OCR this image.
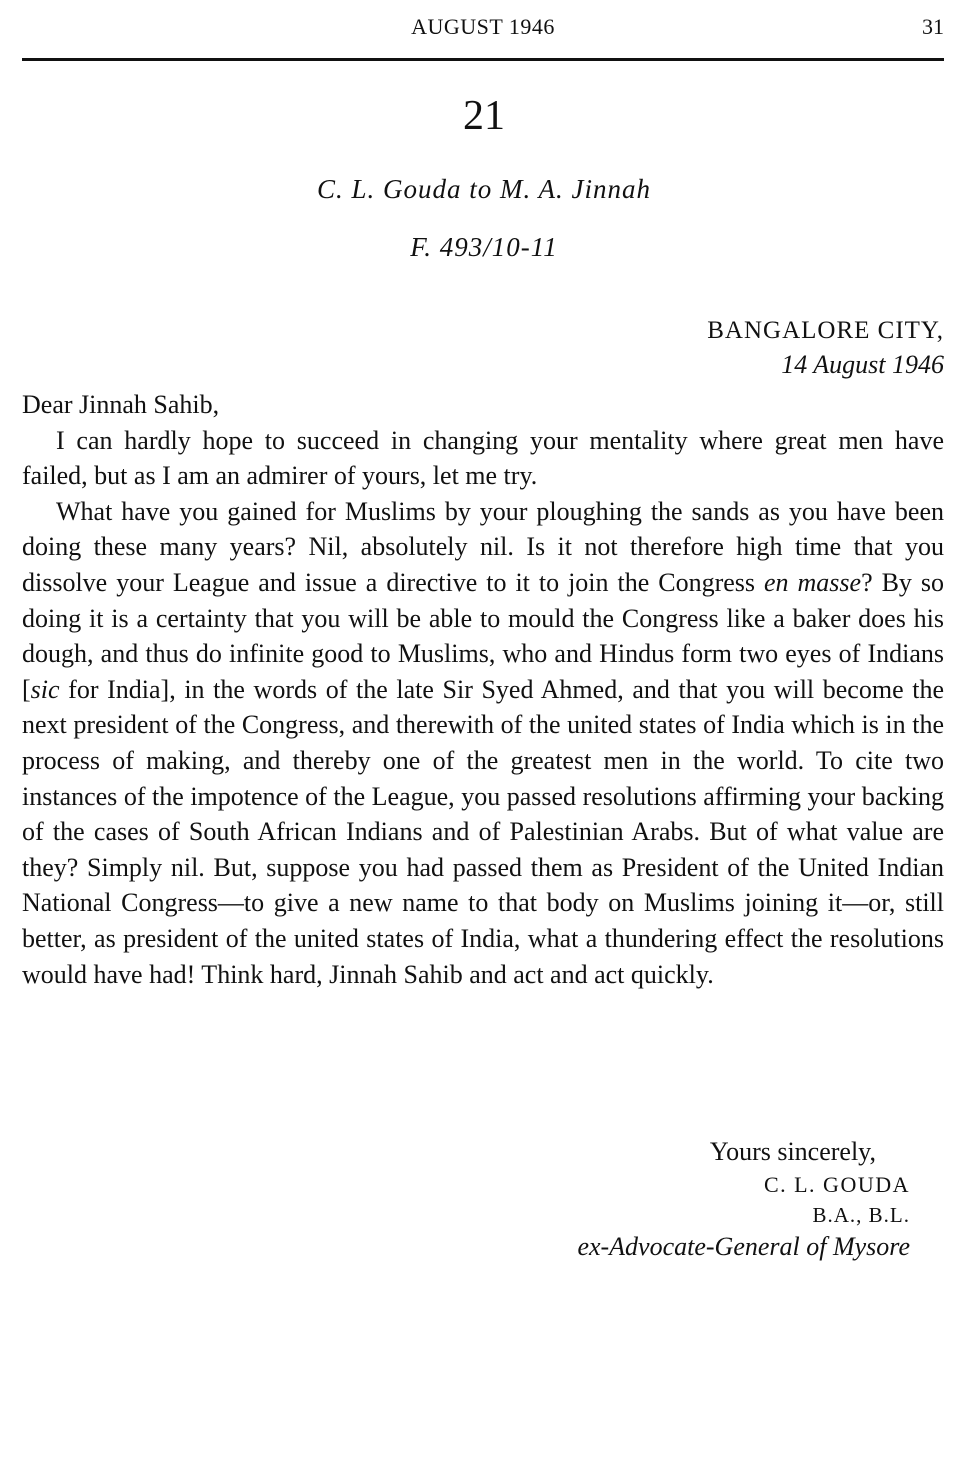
AUGUST 1946	31
21
C. L. Gouda to M. A. Jinnah
F. 493/10-11
BANGALORE CITY,
14 August 1946

Dear Jinnah Sahib,

I can hardly hope to succeed in changing your mentality where great men have failed, but as I am an admirer of yours, let me try.

What have you gained for Muslims by your ploughing the sands as you have been doing these many years? Nil, absolutely nil. Is it not therefore high time that you dissolve your League and issue a directive to it to join the Congress en masse? By so doing it is a certainty that you will be able to mould the Congress like a baker does his dough, and thus do infinite good to Muslims, who and Hindus form two eyes of Indians [sic for India], in the words of the late Sir Syed Ahmed, and that you will become the next president of the Congress, and therewith of the united states of India which is in the process of making, and thereby one of the greatest men in the world. To cite two instances of the impotence of the League, you passed resolutions affirming your backing of the cases of South African Indians and of Palestinian Arabs. But of what value are they? Simply nil. But, suppose you had passed them as President of the United Indian National Congress—to give a new name to that body on Muslims joining it—or, still better, as president of the united states of India, what a thundering effect the resolutions would have had! Think hard, Jinnah Sahib and act and act quickly.

Yours sincerely,
C. L. GOUDA
B.A., B.L.
ex-Advocate-General of Mysore
